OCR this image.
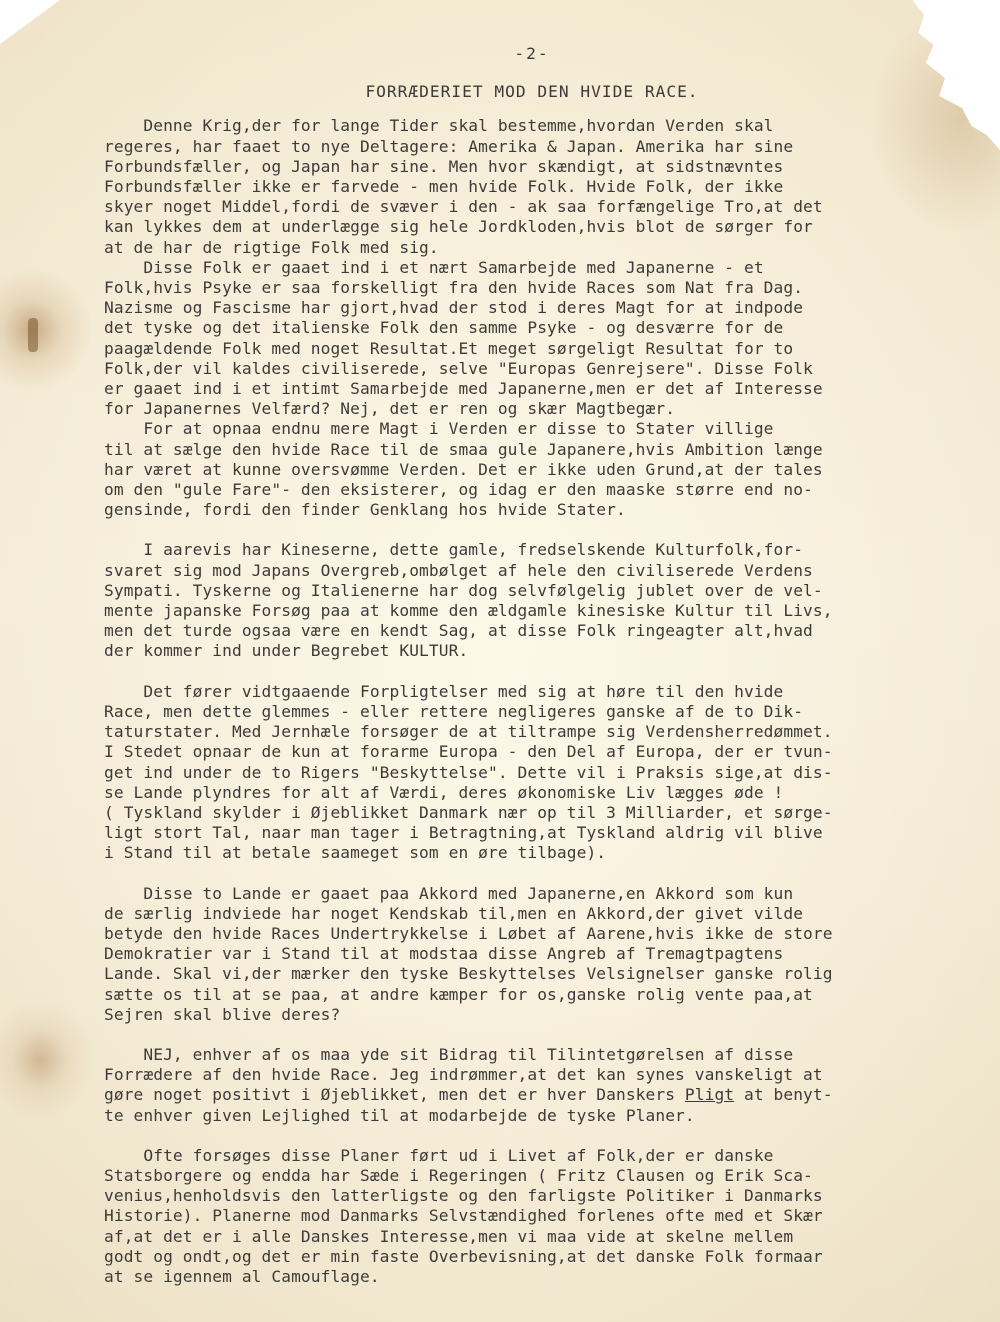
-2-
FORRÆDERIET MOD DEN HVIDE RACE.
Denne Krig,der for lange Tider skal bestemme,hvordan Verden skal
regeres, har faaet to nye Deltagere: Amerika & Japan. Amerika har sine
Forbundsfæller, og Japan har sine. Men hvor skændigt, at sidstnævntes
Forbundsfæller ikke er farvede - men hvide Folk. Hvide Folk, der ikke
skyer noget Middel,fordi de svæver i den - ak saa forfængelige Tro,at det
kan lykkes dem at underlægge sig hele Jordkloden,hvis blot de sørger for
at de har de rigtige Folk med sig.
Disse Folk er gaaet ind i et nært Samarbejde med Japanerne - et
Folk,hvis Psyke er saa forskelligt fra den hvide Races som Nat fra Dag.
Nazisme og Fascisme har gjort,hvad der stod i deres Magt for at indpode
det tyske og det italienske Folk den samme Psyke - og desværre for de
paagældende Folk med noget Resultat.Et meget sørgeligt Resultat for to
Folk,der vil kaldes civiliserede, selve "Europas Genrejsere". Disse Folk
er gaaet ind i et intimt Samarbejde med Japanerne,men er det af Interesse
for Japanernes Velfærd? Nej, det er ren og skær Magtbegær.
For at opnaa endnu mere Magt i Verden er disse to Stater villige
til at sælge den hvide Race til de smaa gule Japanere,hvis Ambition længe
har været at kunne oversvømme Verden. Det er ikke uden Grund,at der tales
om den "gule Fare"- den eksisterer, og idag er den maaske større end no-
gensinde, fordi den finder Genklang hos hvide Stater.
I aarevis har Kineserne, dette gamle, fredselskende Kulturfolk,for-
svaret sig mod Japans Overgreb,ombølget af hele den civiliserede Verdens
Sympati. Tyskerne og Italienerne har dog selvfølgelig jublet over de vel-
mente japanske Forsøg paa at komme den ældgamle kinesiske Kultur til Livs,
men det turde ogsaa være en kendt Sag, at disse Folk ringeagter alt,hvad
der kommer ind under Begrebet KULTUR.
Det fører vidtgaaende Forpligtelser med sig at høre til den hvide
Race, men dette glemmes - eller rettere negligeres ganske af de to Dik-
taturstater. Med Jernhæle forsøger de at tiltrampe sig Verdensherredømmet.
I Stedet opnaar de kun at forarme Europa - den Del af Europa, der er tvun-
get ind under de to Rigers "Beskyttelse". Dette vil i Praksis sige,at dis-
se Lande plyndres for alt af Værdi, deres økonomiske Liv lægges øde !
( Tyskland skylder i Øjeblikket Danmark nær op til 3 Milliarder, et sørge-
ligt stort Tal, naar man tager i Betragtning,at Tyskland aldrig vil blive
i Stand til at betale saameget som en øre tilbage).
Disse to Lande er gaaet paa Akkord med Japanerne,en Akkord som kun
de særlig indviede har noget Kendskab til,men en Akkord,der givet vilde
betyde den hvide Races Undertrykkelse i Løbet af Aarene,hvis ikke de store
Demokratier var i Stand til at modstaa disse Angreb af Tremagtpagtens
Lande. Skal vi,der mærker den tyske Beskyttelses Velsignelser ganske rolig
sætte os til at se paa, at andre kæmper for os,ganske rolig vente paa,at
Sejren skal blive deres?
NEJ, enhver af os maa yde sit Bidrag til Tilintetgørelsen af disse
Forrædere af den hvide Race. Jeg indrømmer,at det kan synes vanskeligt at
gøre noget positivt i Øjeblikket, men det er hver Danskers Pligt at benyt-
te enhver given Lejlighed til at modarbejde de tyske Planer.
Ofte forsøges disse Planer ført ud i Livet af Folk,der er danske
Statsborgere og endda har Sæde i Regeringen ( Fritz Clausen og Erik Sca-
venius,henholdsvis den latterligste og den farligste Politiker i Danmarks
Historie). Planerne mod Danmarks Selvstændighed forlenes ofte med et Skær
af,at det er i alle Danskes Interesse,men vi maa vide at skelne mellem
godt og ondt,og det er min faste Overbevisning,at det danske Folk formaar
at se igennem al Camouflage.
